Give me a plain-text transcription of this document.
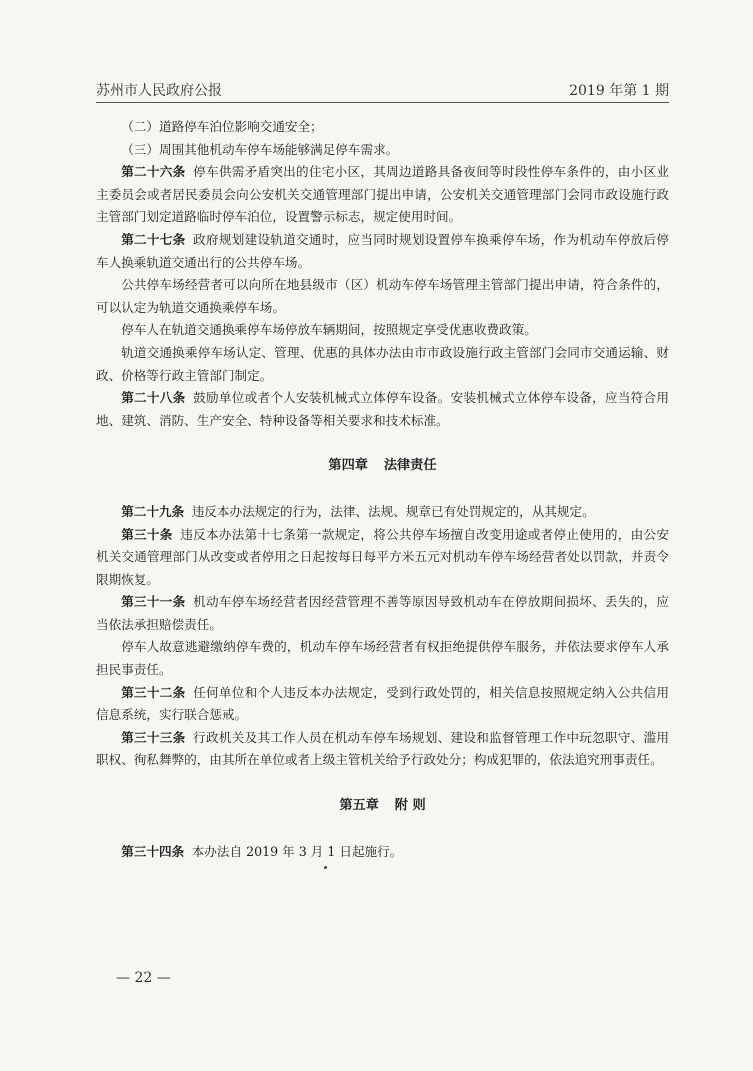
苏州市人民政府公报	2019 年第 1 期

（二）道路停车泊位影响交通安全；

（三）周围其他机动车停车场能够满足停车需求。

第二十六条 停车供需矛盾突出的住宅小区，其周边道路具备夜间等时段性停车条件的，由小区业主委员会或者居民委员会向公安机关交通管理部门提出申请，公安机关交通管理部门会同市政设施行政主管部门划定道路临时停车泊位，设置警示标志，规定使用时间。

第二十七条 政府规划建设轨道交通时，应当同时规划设置停车换乘停车场，作为机动车停放后停车人换乘轨道交通出行的公共停车场。

公共停车场经营者可以向所在地县级市（区）机动车停车场管理主管部门提出申请，符合条件的，可以认定为轨道交通换乘停车场。

停车人在轨道交通换乘停车场停放车辆期间，按照规定享受优惠收费政策。

轨道交通换乘停车场认定、管理、优惠的具体办法由市市政设施行政主管部门会同市交通运输、财政、价格等行政主管部门制定。

第二十八条 鼓励单位或者个人安装机械式立体停车设备。安装机械式立体停车设备，应当符合用地、建筑、消防、生产安全、特种设备等相关要求和技术标准。

第四章 法律责任

第二十九条 违反本办法规定的行为，法律、法规、规章已有处罚规定的，从其规定。

第三十条 违反本办法第十七条第一款规定，将公共停车场擅自改变用途或者停止使用的，由公安机关交通管理部门从改变或者停用之日起按每日每平方米五元对机动车停车场经营者处以罚款，并责令限期恢复。

第三十一条 机动车停车场经营者因经营管理不善等原因导致机动车在停放期间损坏、丢失的，应当依法承担赔偿责任。

停车人故意逃避缴纳停车费的，机动车停车场经营者有权拒绝提供停车服务，并依法要求停车人承担民事责任。

第三十二条 任何单位和个人违反本办法规定，受到行政处罚的，相关信息按照规定纳入公共信用信息系统，实行联合惩戒。

第三十三条 行政机关及其工作人员在机动车停车场规划、建设和监督管理工作中玩忽职守、滥用职权、徇私舞弊的，由其所在单位或者上级主管机关给予行政处分；构成犯罪的，依法追究刑事责任。

第五章 附 则

第三十四条 本办法自 2019 年 3 月 1 日起施行。

— 22 —
